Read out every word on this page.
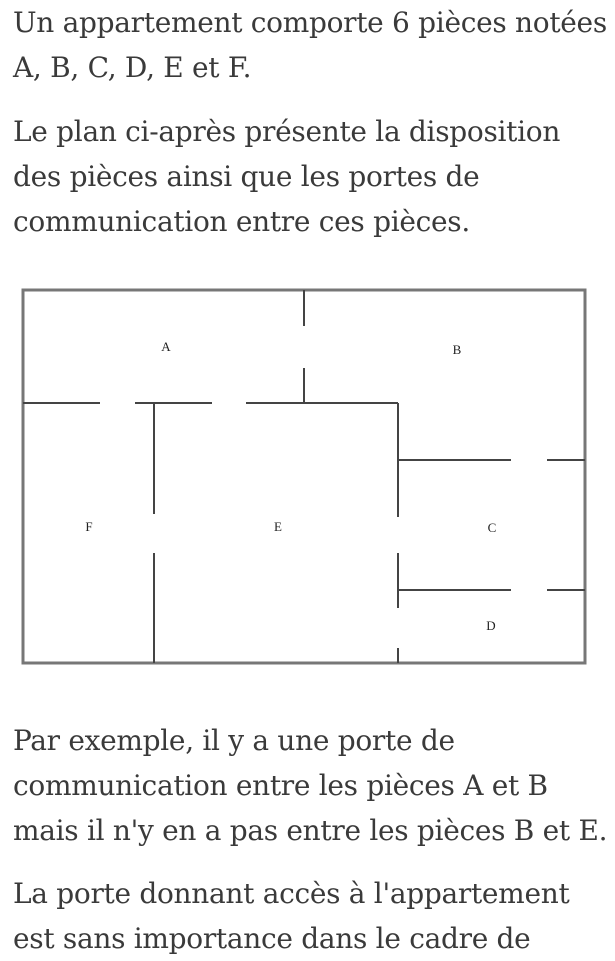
Un appartement comporte 6 pièces notées
A, B, C, D, E et F.

Le plan ci-après présente la disposition
des pièces ainsi que les portes de
communication entre ces pièces.

A	B
F	E	C
D

Par exemple, il y a une porte de
communication entre les pièces A et B
mais il n'y en a pas entre les pièces B et E.

La porte donnant accès à l'appartement
est sans importance dans le cadre de
